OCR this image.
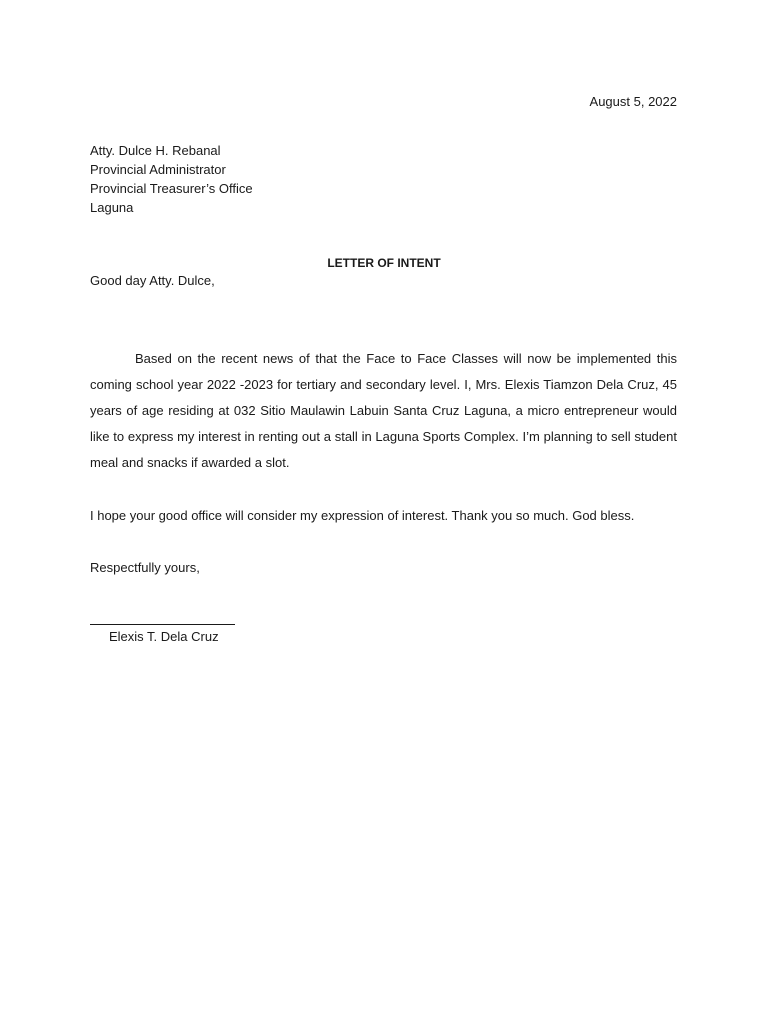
August 5, 2022
Atty. Dulce H. Rebanal
Provincial Administrator
Provincial Treasurer’s Office
Laguna
LETTER OF INTENT
Good day Atty. Dulce,

Based on the recent news of that the Face to Face Classes will now be implemented this coming school year 2022 -2023 for tertiary and secondary level. I, Mrs. Elexis Tiamzon Dela Cruz, 45 years of age residing at 032 Sitio Maulawin Labuin Santa Cruz Laguna, a micro entrepreneur would like to express my interest in renting out a stall in Laguna Sports Complex. I’m planning to sell student meal and snacks if awarded a slot.

I hope your good office will consider my expression of interest. Thank you so much. God bless.
Respectfully yours,
Elexis T. Dela Cruz
